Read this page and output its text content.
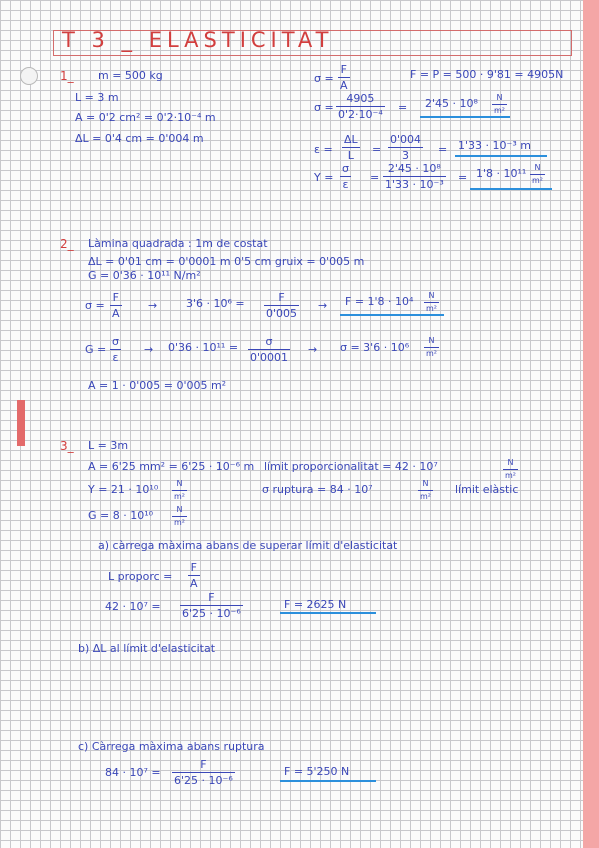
T 3 _ ELASTICITAT
1_ m = 500 kg
L = 3 m
A = 0'2 cm² = 0'2·10⁻⁴ m
ΔL = 0'4 cm = 0'004 m
$\sigma = \frac{F}{A}$	F = P = 500 · 9'81 = 4905N
$\sigma = \frac{4905}{\text{0'2·10⁻⁴}} = 2'45 \cdot 10^8 \frac{N}{\text{m²}}$
$\varepsilon = \frac{\Delta L}{L} = \frac{0'004}{3} = 1'33 \cdot 10^{-3}$ m
$Y = \frac{\sigma}{\varepsilon} = \frac{\text{2'45 · 10⁸}}{\text{1'33 · 10⁻³}} = 1'8 \cdot 10^{11} \frac{N}{\text{m²}}$
2_ Làmina quadrada : 1m de costat
ΔL = 0'01 cm = 0'0001 m 0'5 cm gruix = 0'005 m
G = 0'36 · 10¹¹ N/m²
$\sigma = \frac{F}{A}$ →	$3'6 \cdot 10^6 = \frac{F}{0'005} \to F = 1'8 \cdot 10^4 \frac{N}{\text{m²}}$
$G = \frac{\sigma}{\varepsilon} \to 0'36 \cdot 10^{11} = \frac{\sigma}{0'0001} \to \sigma = 3'6 \cdot 10^6 \frac{N}{\text{m²}}$
A = 1 · 0'005 = 0'005 m²
3_ L = 3m
A = 6'25 mm² = 6'25 · 10⁻⁶ m límit proporcionalitat = 42 · 10⁷	$\frac{N}{\text{m²}}$
$Y = 21 \cdot 10^{10} \frac{N}{\text{m²}}$	σ ruptura = 84 · 10⁷	$\frac{N}{\text{m²}}$ límit elàstic
$G = 8 \cdot 10^{10} \frac{N}{\text{m²}}$
a) càrrega màxima abans de superar límit d'elasticitat
L proporc = $\frac{F}{A}$
$42 \cdot 10^7 = \frac{F}{\text{6'25 · 10⁻⁶}}$	F = 2625 N
b) ΔL al límit d'elasticitat
c) Càrrega màxima abans ruptura
$84 \cdot 10^7 = \frac{F}{\text{6'25 · 10⁻⁶}}$	F = 5'250 N
